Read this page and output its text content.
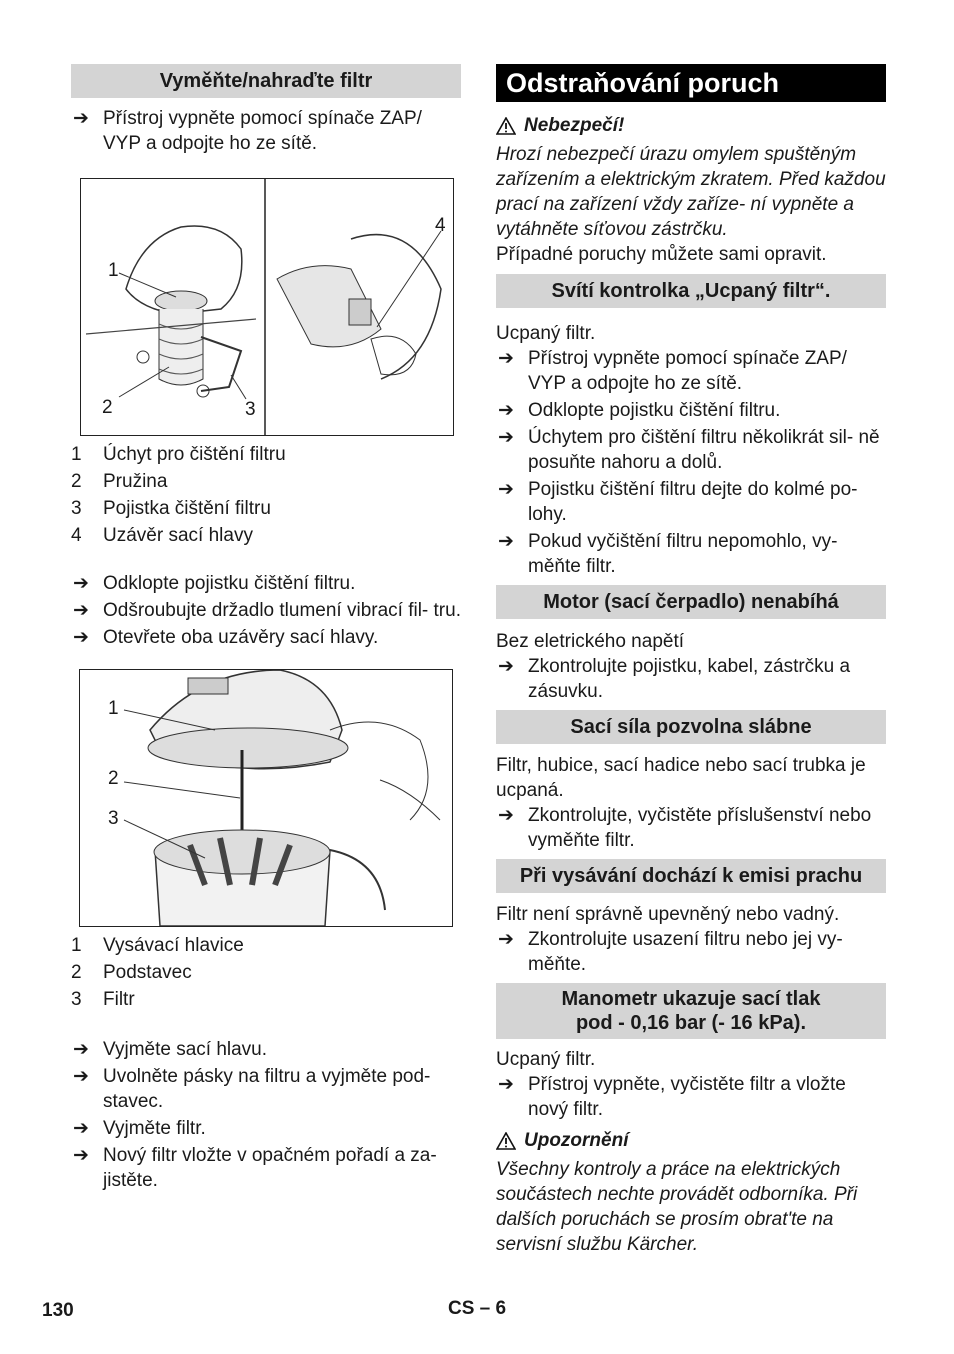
Vyměňte/nahraďte filtr
➔ Přístroj vypněte pomocí spínače ZAP/ VYP a odpojte ho ze sítě.
1
2	3
4
1	Úchyt pro čištění filtru
2	Pružina
3	Pojistka čištění filtru
4	Uzávěr sací hlavy
➔ Odklopte pojistku čištění filtru.
➔ Odšroubujte držadlo tlumení vibrací fil- tru.
➔ Otevřete oba uzávěry sací hlavy.
1
2
3
1	Vysávací hlavice
2	Podstavec
3	Filtr
➔ Vyjměte sací hlavu.
➔ Uvolněte pásky na filtru a vyjměte pod- stavec.
➔ Vyjměte filtr.
➔ Nový filtr vložte v opačném pořadí a za- jistěte.
Odstraňování poruch
Nebezpečí!

Hrozí nebezpečí úrazu omylem spuštěným zařízením a elektrickým zkratem. Před každou prací na zařízení vždy zaříze- ní vypněte a vytáhněte síťovou zástrčku.

Případné poruchy můžete sami opravit.

Svítí kontrolka „Ucpaný filtr“.

Ucpaný filtr.

➔ Přístroj vypněte pomocí spínače ZAP/ VYP a odpojte ho ze sítě.
➔ Odklopte pojistku čištění filtru.
➔ Úchytem pro čištění filtru několikrát sil- ně posuňte nahoru a dolů.
➔ Pojistku čištění filtru dejte do kolmé po- lohy.
➔ Pokud vyčištění filtru nepomohlo, vy- měňte filtr.
Motor (sací čerpadlo) nenabíhá

Bez eletrického napětí

➔ Zkontrolujte pojistku, kabel, zástrčku a zásuvku.
Sací síla pozvolna slábne

Filtr, hubice, sací hadice nebo sací trubka je ucpaná.

➔ Zkontrolujte, vyčistěte příslušenství nebo vyměňte filtr.
Při vysávání dochází k emisi prachu

Filtr není správně upevněný nebo vadný.

➔ Zkontrolujte usazení filtru nebo jej vy- měňte.
Manometr ukazuje sací tlak pod - 0,16 bar (- 16 kPa).

Ucpaný filtr.

➔ Přístroj vypněte, vyčistěte filtr a vložte nový filtr.
Upozornění

Všechny kontroly a práce na elektrických součástech nechte provádět odborníka. Při dalších poruchách se prosím obrat'te na servisní službu Kärcher.

130	CS – 6
